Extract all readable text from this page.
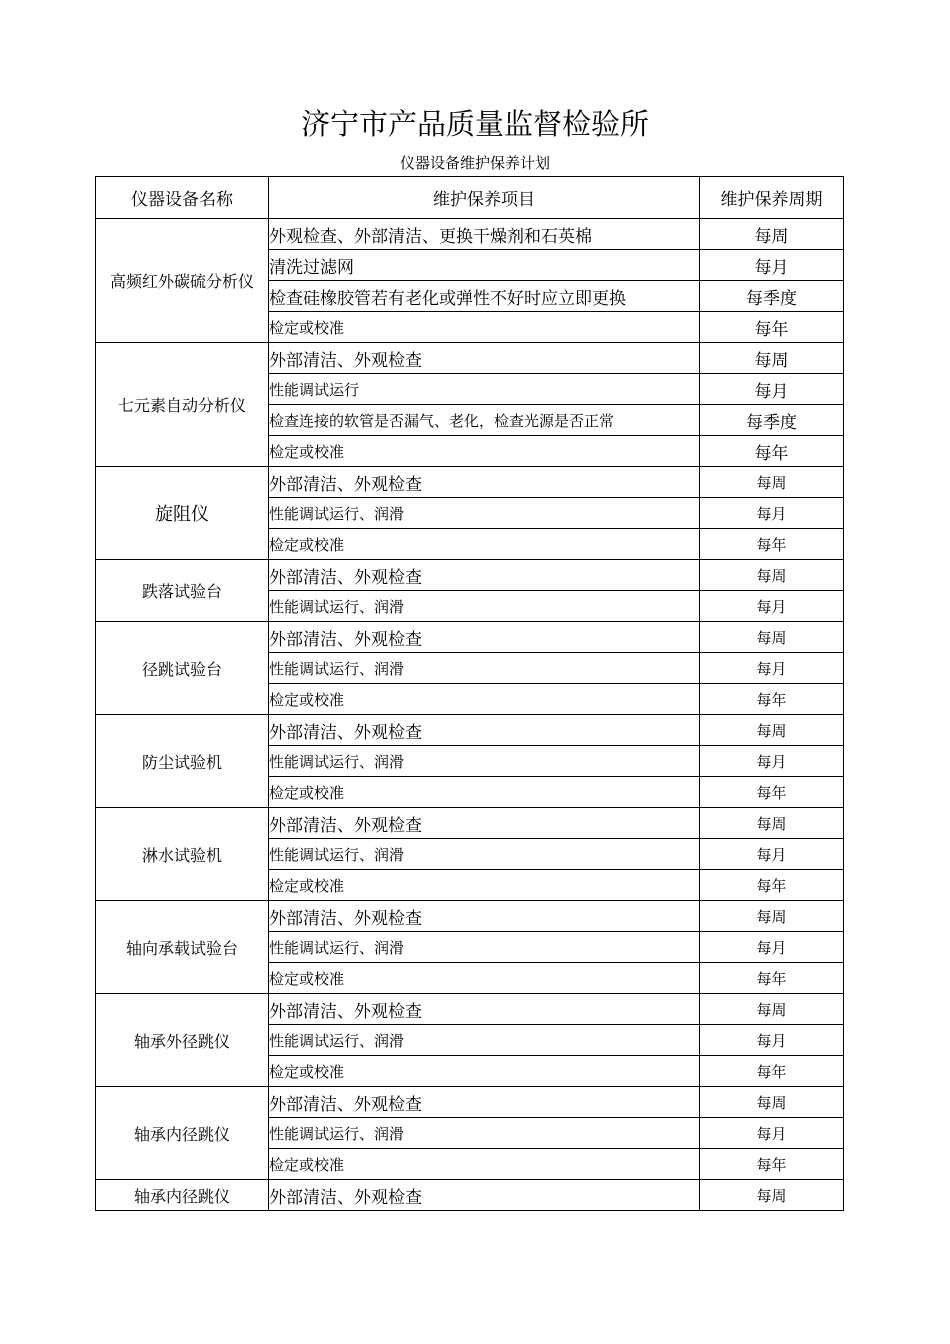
济宁市产品质量监督检验所
仪器设备维护保养计划
仪器设备名称	维护保养项目	维护保养周期
高频红外碳硫分析仪	外观检查、外部清洁、更换干燥剂和石英棉	每周
	清洗过滤网	每月
	检查硅橡胶管若有老化或弹性不好时应立即更换	每季度
	检定或校准	每年
七元素自动分析仪	外部清洁、外观检查	每周
	性能调试运行	每月
	检查连接的软管是否漏气、老化，检查光源是否正常	每季度
	检定或校准	每年
旋阻仪	外部清洁、外观检查	每周
	性能调试运行、润滑	每月
	检定或校准	每年
跌落试验台	外部清洁、外观检查	每周
	性能调试运行、润滑	每月
径跳试验台	外部清洁、外观检查	每周
	性能调试运行、润滑	每月
	检定或校准	每年
防尘试验机	外部清洁、外观检查	每周
	性能调试运行、润滑	每月
	检定或校准	每年
淋水试验机	外部清洁、外观检查	每周
	性能调试运行、润滑	每月
	检定或校准	每年
轴向承载试验台	外部清洁、外观检查	每周
	性能调试运行、润滑	每月
	检定或校准	每年
轴承外径跳仪	外部清洁、外观检查	每周
	性能调试运行、润滑	每月
	检定或校准	每年
轴承内径跳仪	外部清洁、外观检查	每周
	性能调试运行、润滑	每月
	检定或校准	每年
轴承内径跳仪	外部清洁、外观检查	每周
